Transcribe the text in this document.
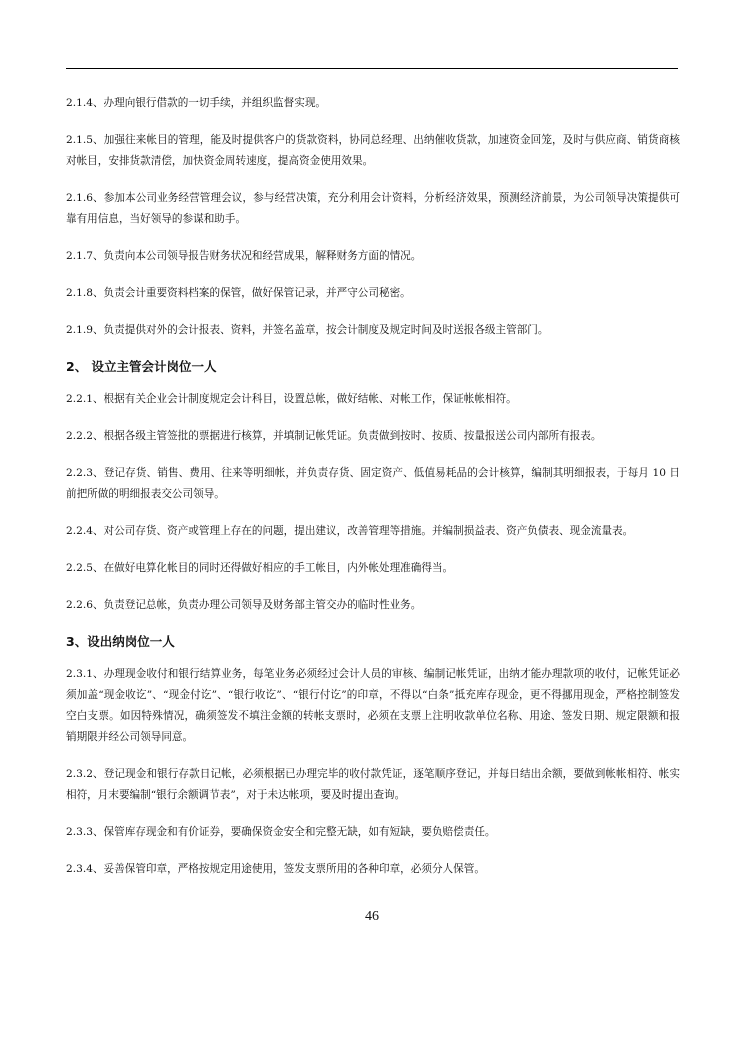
2.1.4、办理向银行借款的一切手续，并组织监督实现。

2.1.5、加强往来帐目的管理，能及时提供客户的货款资料，协同总经理、出纳催收货款，加速资金回笼，及时与供应商、销货商核对帐目，安排货款清偿，加快资金周转速度，提高资金使用效果。

2.1.6、参加本公司业务经营管理会议，参与经营决策，充分利用会计资料，分析经济效果，预测经济前景，为公司领导决策提供可靠有用信息，当好领导的参谋和助手。

2.1.7、负责向本公司领导报告财务状况和经营成果，解释财务方面的情况。

2.1.8、负责会计重要资料档案的保管，做好保管记录，并严守公司秘密。

2.1.9、负责提供对外的会计报表、资料，并签名盖章，按会计制度及规定时间及时送报各级主管部门。

2、 设立主管会计岗位一人

2.2.1、根据有关企业会计制度规定会计科目，设置总帐，做好结帐、对帐工作，保证帐帐相符。

2.2.2、根据各级主管签批的票据进行核算，并填制记帐凭证。负责做到按时、按质、按量报送公司内部所有报表。

2.2.3、登记存货、销售、费用、往来等明细帐，并负责存货、固定资产、低值易耗品的会计核算，编制其明细报表，于每月 10 日前把所做的明细报表交公司领导。

2.2.4、对公司存货、资产或管理上存在的问题，提出建议，改善管理等措施。并编制损益表、资产负债表、现金流量表。

2.2.5、在做好电算化帐目的同时还得做好相应的手工帐目，内外帐处理准确得当。

2.2.6、负责登记总帐，负责办理公司领导及财务部主管交办的临时性业务。

3、设出纳岗位一人

2.3.1、办理现金收付和银行结算业务，每笔业务必须经过会计人员的审核、编制记帐凭证，出纳才能办理款项的收付，记帐凭证必须加盖“现金收讫”、“现金付讫”、“银行收讫”、“银行付讫”的印章，不得以“白条”抵充库存现金，更不得挪用现金，严格控制签发空白支票。如因特殊情况，确须签发不填注金额的转帐支票时，必须在支票上注明收款单位名称、用途、签发日期、规定限额和报销期限并经公司领导同意。

2.3.2、登记现金和银行存款日记帐，必须根据已办理完毕的收付款凭证，逐笔顺序登记，并每日结出余额，要做到帐帐相符、帐实相符，月末要编制“银行余额调节表”，对于未达帐项，要及时提出查询。

2.3.3、保管库存现金和有价证券，要确保资金安全和完整无缺，如有短缺，要负赔偿责任。

2.3.4、妥善保管印章，严格按规定用途使用，签发支票所用的各种印章，必须分人保管。

46
